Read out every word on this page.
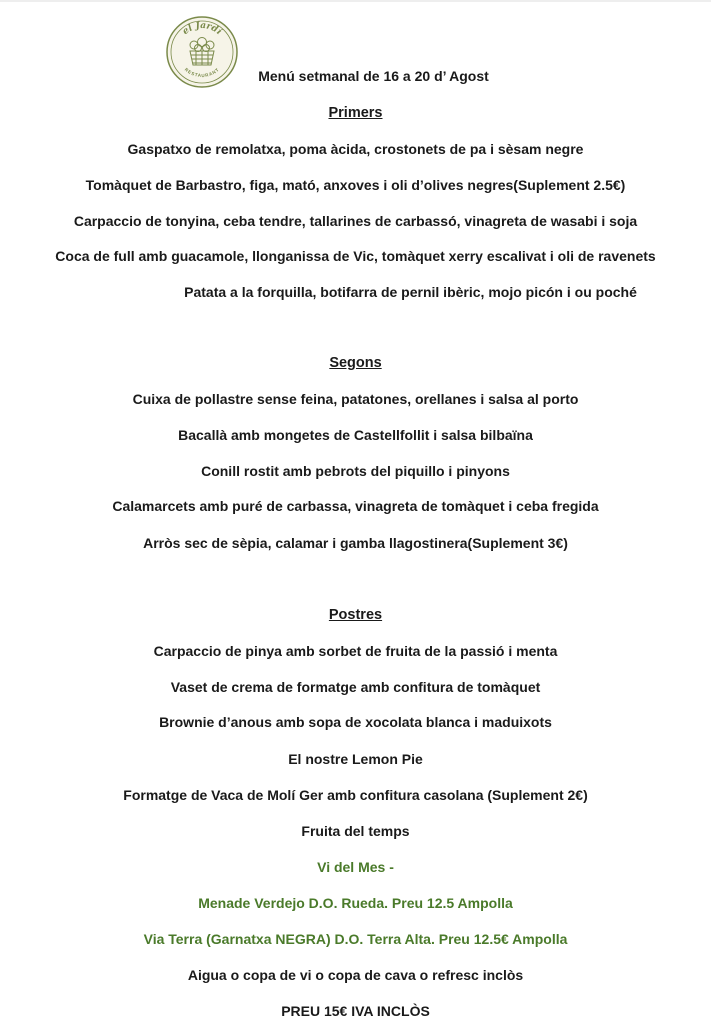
el Jardí
RESTAURANT	Menú setmanal de 16 a 20 d’ Agost
Primers
Gaspatxo de remolatxa, poma àcida, crostonets de pa i sèsam negre
Tomàquet de Barbastro, figa, mató, anxoves i oli d’olives negres(Suplement 2.5€)
Carpaccio de tonyina, ceba tendre, tallarines de carbassó, vinagreta de wasabi i soja
Coca de full amb guacamole, llonganissa de Vic, tomàquet xerry escalivat i oli de ravenets
Patata a la forquilla, botifarra de pernil ibèric, mojo picón i ou poché
Segons
Cuixa de pollastre sense feina, patatones, orellanes i salsa al porto
Bacallà amb mongetes de Castellfollit i salsa bilbaïna
Conill rostit amb pebrots del piquillo i pinyons
Calamarcets amb puré de carbassa, vinagreta de tomàquet i ceba fregida
Arròs sec de sèpia, calamar i gamba llagostinera(Suplement 3€)
Postres
Carpaccio de pinya amb sorbet de fruita de la passió i menta
Vaset de crema de formatge amb confitura de tomàquet
Brownie d’anous amb sopa de xocolata blanca i maduixots
El nostre Lemon Pie
Formatge de Vaca de Molí Ger amb confitura casolana (Suplement 2€)
Fruita del temps
Vi del Mes -
Menade Verdejo D.O. Rueda. Preu 12.5 Ampolla
Via Terra (Garnatxa NEGRA) D.O. Terra Alta. Preu 12.5€ Ampolla
Aigua o copa de vi o copa de cava o refresc inclòs
PREU 15€ IVA INCLÒS
